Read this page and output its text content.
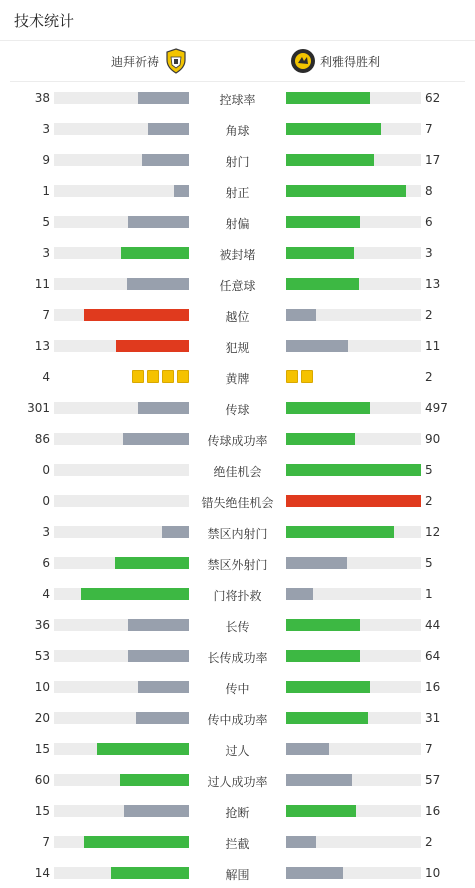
技术统计
迪拜祈祷	利雅得胜利
38	控球率	62
3	角球	7
9	射门	17
1	射正	8
5	射偏	6
3	被封堵	3
11	任意球	13
7	越位	2
13	犯规	11
4	黄牌	2
301	传球	497
86	传球成功率	90
0	绝佳机会	5
0	错失绝佳机会	2
3	禁区内射门	12
6	禁区外射门	5
4	门将扑救	1
36	长传	44
53	长传成功率	64
10	传中	16
20	传中成功率	31
15	过人	7
60	过人成功率	57
15	抢断	16
7	拦截	2
14	解围	10
